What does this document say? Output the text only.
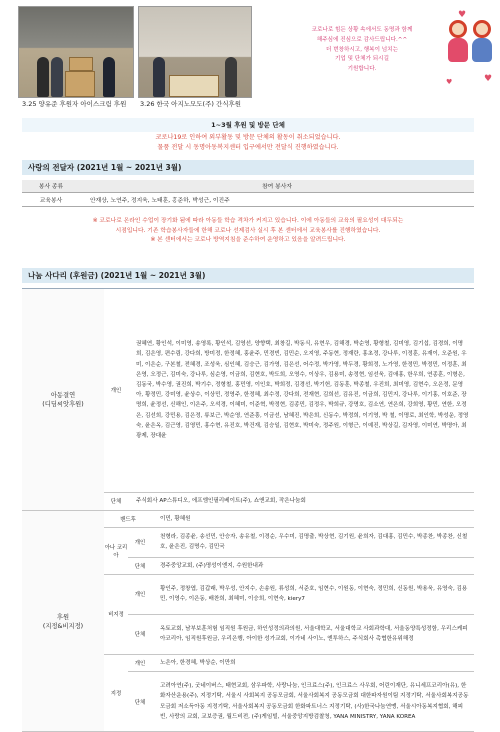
3.25 양유준 후원자 아이스크림 후원 3.26 한국 아지노모도(주) 간식후원
코로나로 힘든 상황 속에서도 동명과 함께
해주심에 진심으로 감사드립니다.^^
더 번창하시고, 행복이 넘치는
기업 및 단체가 되시길
기원합니다.
♥
♥
♥
1~3월 후원 및 방문 단체
코로나19로 인하여 외부활동 및 방문 단체의 활동이 취소되었습니다.
물품 전달 시 동명아동복지센터 입구에서만 전달식 진행하였습니다.
사랑의 전달자 (2021년 1월 ~ 2021년 3월)
봉사 종류	참여 봉사자
교육봉사	안재상, 노연주, 정지욱, 노태훈, 홍준하, 박성근, 이진주
※ 코로나로 온라인 수업이 장기화 됨에 따라 아동들 학습 격차가 커지고 있습니다. 이에 아동들의 교육의 필요성이 대두되는
시점입니다. 기존 학습봉사자들에 한해 코로나 선제검사 실시 후 본 센터에서 교육봉사를 진행하였습니다.
※ 본 센터에서는 코로나 방역지침을 준수하여 운영하고 있음을 알려드립니다.
나눔 사다리 (후원금) (2021년 1월 ~ 2021년 3월)
아동결연
(디딤씨앗후원)	개인	권혜연, 황인석, 이미영, 송영록, 황인석, 김영선, 양향택, 최창길, 박동식, 유현우, 김해경, 박순영, 황형철, 김미영, 김기섭, 김경희, 이명희, 김은영, 편수림, 강다희, 방미정, 한정혜, 홍윤주, 민경빈, 김민순, 오지영, 주동현, 정재란, 홍초정, 강나루, 이정훈, 유재이, 오준원, 우미, 이은순, 구본철, 전혜경, 조성욱, 심인혜, 김승근, 김가영, 김은선, 어수정, 박가영, 박두경, 황희정, 노가영, 한정민, 박정민, 이정훈, 최은영, 오정근, 김미숙, 강나루, 심순영, 이금희, 김현호, 박도희, 오영수, 이상우, 김용미, 송정현, 임선욱, 김애홍, 한우희, 연종훈, 이형은, 김동국, 박수영, 권진희, 박기수, 정형철, 홍민영, 이인호, 박희정, 김경선, 박기헌, 김동훈, 박종철, 우진희, 최미영, 김현수, 오은정, 문영아, 황정민, 강미영, 윤상수, 이상민, 정영주, 한정혜, 최수정, 강다희, 전재현, 김희선, 김유진, 이금희, 김민지, 강나루, 이기홍, 이호준, 장명희, 윤정선, 신해인, 이은주, 오석경, 이혜미, 이준혁, 박정현, 김종민, 김정우, 박희규, 강명호, 김소연, 연은희, 강희영, 황민, 연한, 오정은, 김선희, 강민용, 김은정, 류보근, 박순영, 연준흥, 이금선, 남혜진, 박은희, 신동수, 박정희, 이기영, 박 철, 이명로, 최인학, 박성운, 정영숙, 윤은옥, 김근영, 김영민, 홍수현, 유진호, 박건재, 김승일, 김현호, 박미숙, 정주원, 이형근, 이예진, 박상길, 김자영, 이미연, 박명아, 최광제, 장대윤
	단체	주식회사 AP스튜디오, 에프엠인필리베이트(주), 쇼앤교회, 작은나눔회
후원
(지정&비지정)	밴드후		이민, 황혜원
	아나 코리아	개인	천형라, 김종윤, 송선민, 안승자, 송유철, 이경순, 우수미, 김명출, 박상현, 김기원, 윤희자, 김대홍, 김민수, 박종찬, 박종찬, 신철호, 윤은진, 김명수, 김민국
		단체	경주중앙교회, (주)명성이엔지, 수원한내과
	비지정	개인	황인주, 정창엽, 김갑래, 박우성, 안지수, 손송원, 류성희, 서준호, 임현수, 이원동, 이현숙, 정민희, 신동원, 박용욱, 유영숙, 김용민, 이영수, 이은동, 배찬희, 최혜미, 이승희, 이현숙, kiery7
		단체	옥토교회, 남부보훈처험 임직원 후원금, 하인성정의과의원, 서울대학교, 서울대학교 사회과학대, 서울동양특성정함, 우리스케피아코리아, 임직원후원금, 우리은행, 아이한 성가교회, 이가네 사이노, 엔투하스, 주식회사 촉협한유위해정
	지정	개인	노은아, 한경혜, 박상순, 이만희
		단체	고려아연(주), 굿네이버스, 태현교회, 삼우파학, 사랑나눔, 인크료스(주), 인크료스 사우회, 어린이재단, 유니세프코리아(유), 한화자산운용(주), 지정기탁, 서울시 사회복지 공동모금회, 서울사회복지 공동모금회 대한파자원이팀 지정기탁, 서울사회복지공동모금회 저소득아동 지정기탁, 서울사회복지 공동모금회 한화파트너스 지정기탁, (사)한국나눔연맹, 서울시아동복지협회, 해피빈, 사랑의 교회, 교보증권, 월드비전, (주)게임빌, 서울중앙지방검찰청, YANA MINISTRY, YANA KOREA
